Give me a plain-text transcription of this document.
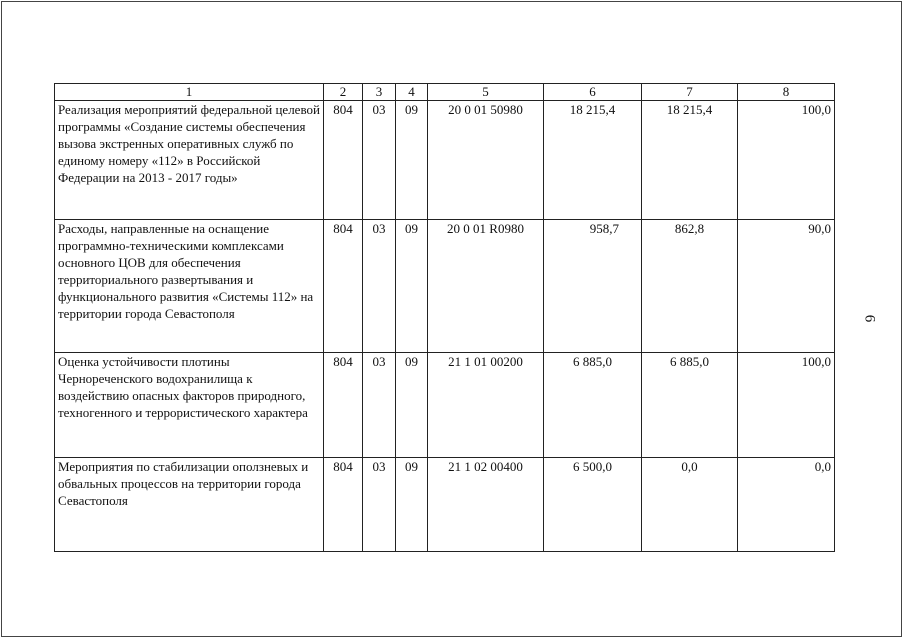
1	2	3	4	5	6	7	8
Реализация мероприятий федеральной целевой программы «Создание системы обеспечения вызова экстренных оперативных служб по единому номеру «112» в Российской Федерации на 2013 - 2017 годы»	804	03	09	20 0 01 50980	18 215,4	18 215,4	100,0
Расходы, направленные на оснащение программно-техническими комплексами основного ЦОВ для обеспечения территориального развертывания и функционального развития «Системы 112» на территории города Севастополя	804	03	09	20 0 01 R0980	958,7	862,8	90,0
Оценка устойчивости плотины Чернореченского водохранилища к воздействию опасных факторов природного, техногенного и террористического характера	804	03	09	21 1 01 00200	6 885,0	6 885,0	100,0
Мероприятия по стабилизации оползневых и обвальных процессов на территории города Севастополя	804	03	09	21 1 02 00400	6 500,0	0,0	0,0
6
